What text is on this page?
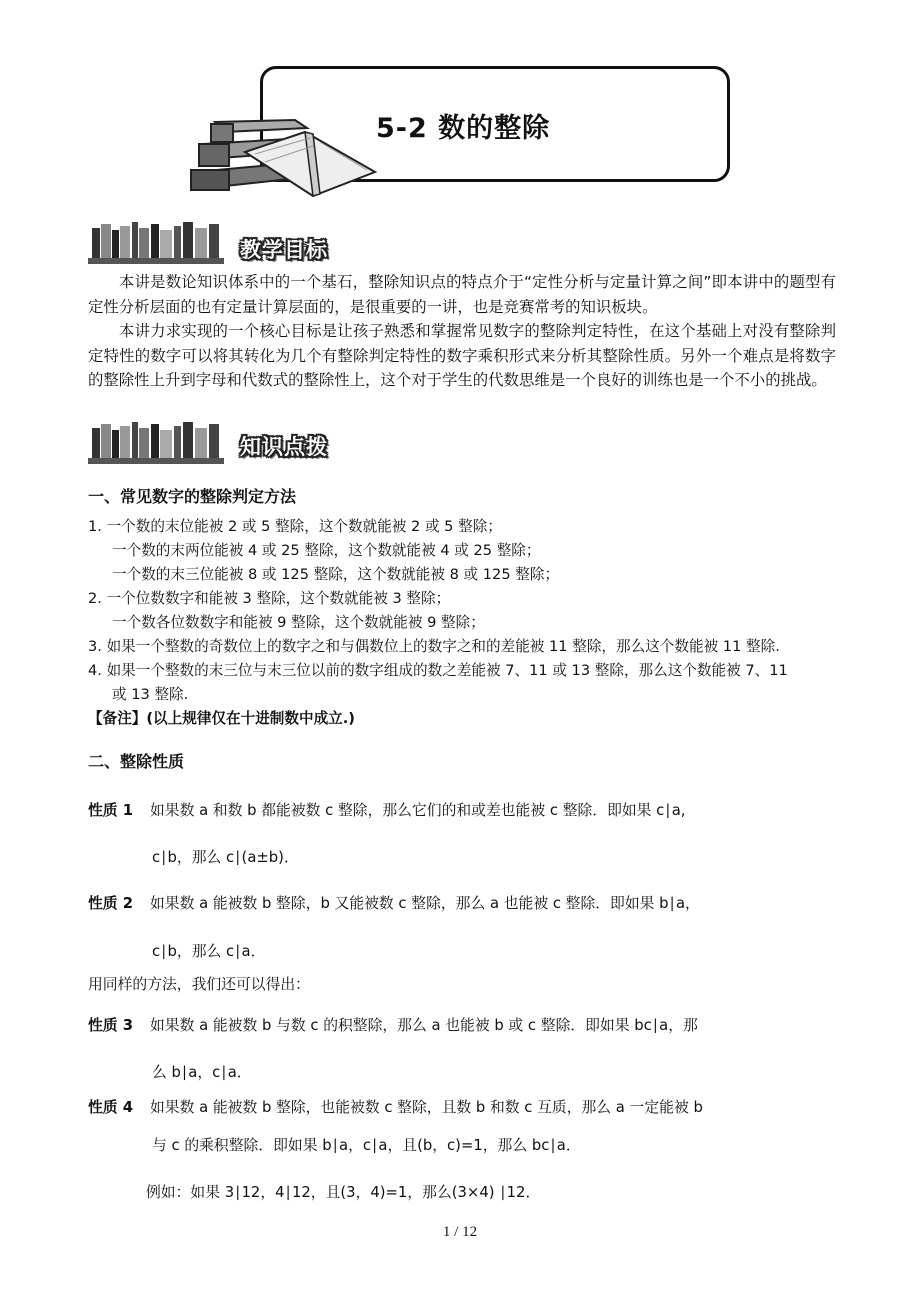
5-2 数的整除
教学目标

本讲是数论知识体系中的一个基石，整除知识点的特点介于“定性分析与定量计算之间”即本讲中的题型有定性分析层面的也有定量计算层面的，是很重要的一讲，也是竞赛常考的知识板块。

本讲力求实现的一个核心目标是让孩子熟悉和掌握常见数字的整除判定特性，在这个基础上对没有整除判定特性的数字可以将其转化为几个有整除判定特性的数字乘积形式来分析其整除性质。另外一个难点是将数字的整除性上升到字母和代数式的整除性上，这个对于学生的代数思维是一个良好的训练也是一个不小的挑战。

知识点拨
一、常见数字的整除判定方法
1. 一个数的末位能被 2 或 5 整除，这个数就能被 2 或 5 整除；
一个数的末两位能被 4 或 25 整除，这个数就能被 4 或 25 整除；
一个数的末三位能被 8 或 125 整除，这个数就能被 8 或 125 整除；
2. 一个位数数字和能被 3 整除，这个数就能被 3 整除；
一个数各位数数字和能被 9 整除，这个数就能被 9 整除；
3. 如果一个整数的奇数位上的数字之和与偶数位上的数字之和的差能被 11 整除，那么这个数能被 11 整除.
4. 如果一个整数的末三位与末三位以前的数字组成的数之差能被 7、11 或 13 整除，那么这个数能被 7、11
或 13 整除.
【备注】(以上规律仅在十进制数中成立.)
二、整除性质
性质 1 如果数 a 和数 b 都能被数 c 整除，那么它们的和或差也能被 c 整除．即如果 c∣a,
c∣b，那么 c∣(a±b)．
性质 2 如果数 a 能被数 b 整除，b 又能被数 c 整除，那么 a 也能被 c 整除．即如果 b∣a，
c∣b，那么 c∣a．
用同样的方法，我们还可以得出：
性质 3 如果数 a 能被数 b 与数 c 的积整除，那么 a 也能被 b 或 c 整除．即如果 bc∣a，那
么 b∣a，c∣a．
性质 4 如果数 a 能被数 b 整除，也能被数 c 整除，且数 b 和数 c 互质，那么 a 一定能被 b
与 c 的乘积整除．即如果 b∣a，c∣a，且(b，c)=1，那么 bc∣a．
例如：如果 3∣12，4∣12，且(3，4)=1，那么(3×4) ∣12．
1 / 12
